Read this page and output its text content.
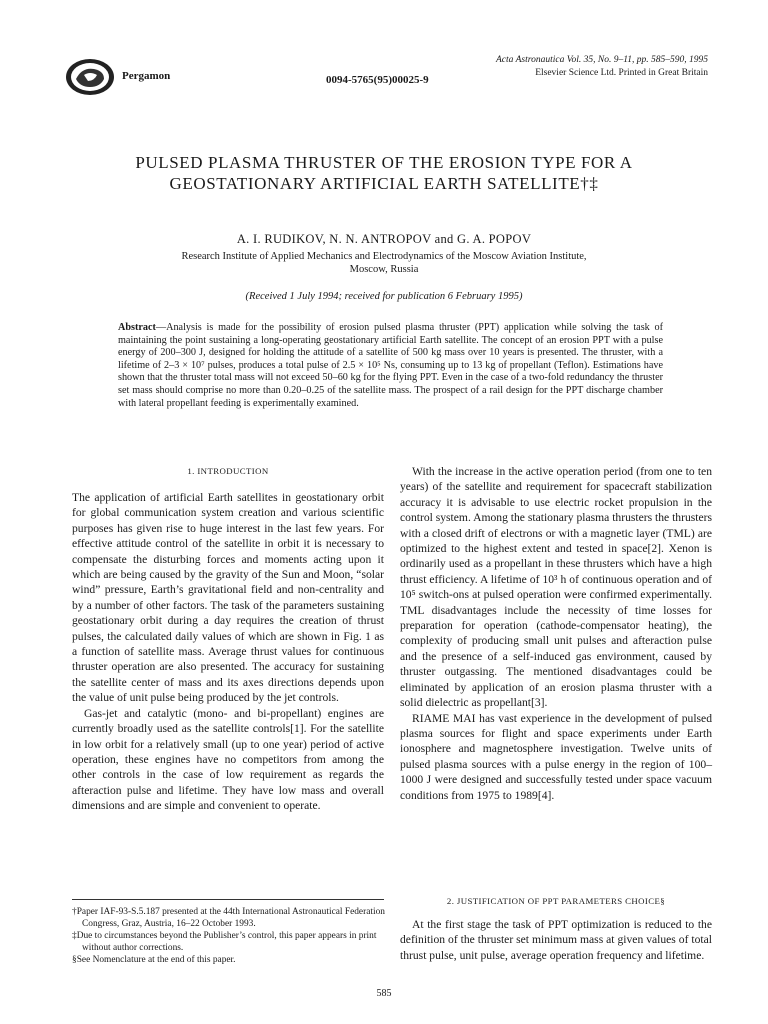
Pergamon	0094-5765(95)00025-9
Acta Astronautica Vol. 35, No. 9–11, pp. 585–590, 1995
Elsevier Science Ltd. Printed in Great Britain
PULSED PLASMA THRUSTER OF THE EROSION TYPE FOR A GEOSTATIONARY ARTIFICIAL EARTH SATELLITE†‡
A. I. RUDIKOV, N. N. ANTROPOV and G. A. POPOV
Research Institute of Applied Mechanics and Electrodynamics of the Moscow Aviation Institute,
Moscow, Russia
(Received 1 July 1994; received for publication 6 February 1995)
Abstract—Analysis is made for the possibility of erosion pulsed plasma thruster (PPT) application while solving the task of maintaining the point sustaining a long-operating geostationary artificial Earth satellite. The concept of an erosion PPT with a pulse energy of 200–300 J, designed for holding the attitude of a satellite of 500 kg mass over 10 years is presented. The thruster, with a lifetime of 2–3 × 10⁷ pulses, produces a total pulse of 2.5 × 10⁵ Ns, consuming up to 13 kg of propellant (Teflon). Estimations have shown that the thruster total mass will not exceed 50–60 kg for the flying PPT. Even in the case of a two-fold redundancy the thruster set mass should comprise no more than 0.20–0.25 of the satellite mass. The prospect of a rail design for the PPT discharge chamber with lateral propellant feeding is experimentally examined.
1. INTRODUCTION

The application of artificial Earth satellites in geostationary orbit for global communication system creation and various scientific purposes has given rise to huge interest in the last few years. For effective attitude control of the satellite in orbit it is necessary to compensate the disturbing forces and moments acting upon it which are being caused by the gravity of the Sun and Moon, “solar wind” pressure, Earth’s gravitational field and non-centrality and by a number of other factors. The task of the parameters sustaining geostationary orbit during a day requires the creation of thrust pulses, the calculated daily values of which are shown in Fig. 1 as a function of satellite mass. Average thrust values for continuous thruster operation are also presented. The accuracy for sustaining the satellite center of mass and its axes directions depends upon the value of unit pulse being produced by the jet controls.

Gas-jet and catalytic (mono- and bi-propellant) engines are currently broadly used as the satellite controls[1]. For the satellite in low orbit for a relatively small (up to one year) period of active operation, these engines have no competitors from among the other controls in the case of low requirement as regards the afteraction pulse and lifetime. They have low mass and overall dimensions and are simple and convenient to operate.

With the increase in the active operation period (from one to ten years) of the satellite and requirement for spacecraft stabilization accuracy it is advisable to use electric rocket propulsion in the control system. Among the stationary plasma thrusters the thrusters with a closed drift of electrons or with a magnetic layer (TML) are optimized to the highest extent and tested in space[2]. Xenon is ordinarily used as a propellant in these thrusters which have a high thrust efficiency. A lifetime of 10³ h of continuous operation and of 10⁵ switch-ons at pulsed operation were confirmed experimentally. TML disadvantages include the necessity of time losses for preparation for operation (cathode-compensator heating), the complexity of producing small unit pulses and afteraction pulse and the presence of a self-induced gas environment, caused by thruster outgassing. The mentioned disadvantages could be eliminated by application of an erosion plasma thruster with a solid dielectric as propellant[3].

RIAME MAI has vast experience in the development of pulsed plasma sources for flight and space experiments under Earth ionosphere and magnetosphere investigation. Twelve units of pulsed plasma sources with a pulse energy in the region of 100–1000 J were designed and successfully tested under space vacuum conditions from 1975 to 1989[4].

2. JUSTIFICATION OF PPT PARAMETERS CHOICE§

At the first stage the task of PPT optimization is reduced to the definition of the thruster set minimum mass at given values of total thrust pulse, unit pulse, average operation frequency and lifetime.

†Paper IAF-93-S.5.187 presented at the 44th International Astronautical Federation Congress, Graz, Austria, 16–22 October 1993.
‡Due to circumstances beyond the Publisher’s control, this paper appears in print without author corrections.
§See Nomenclature at the end of this paper.
585
